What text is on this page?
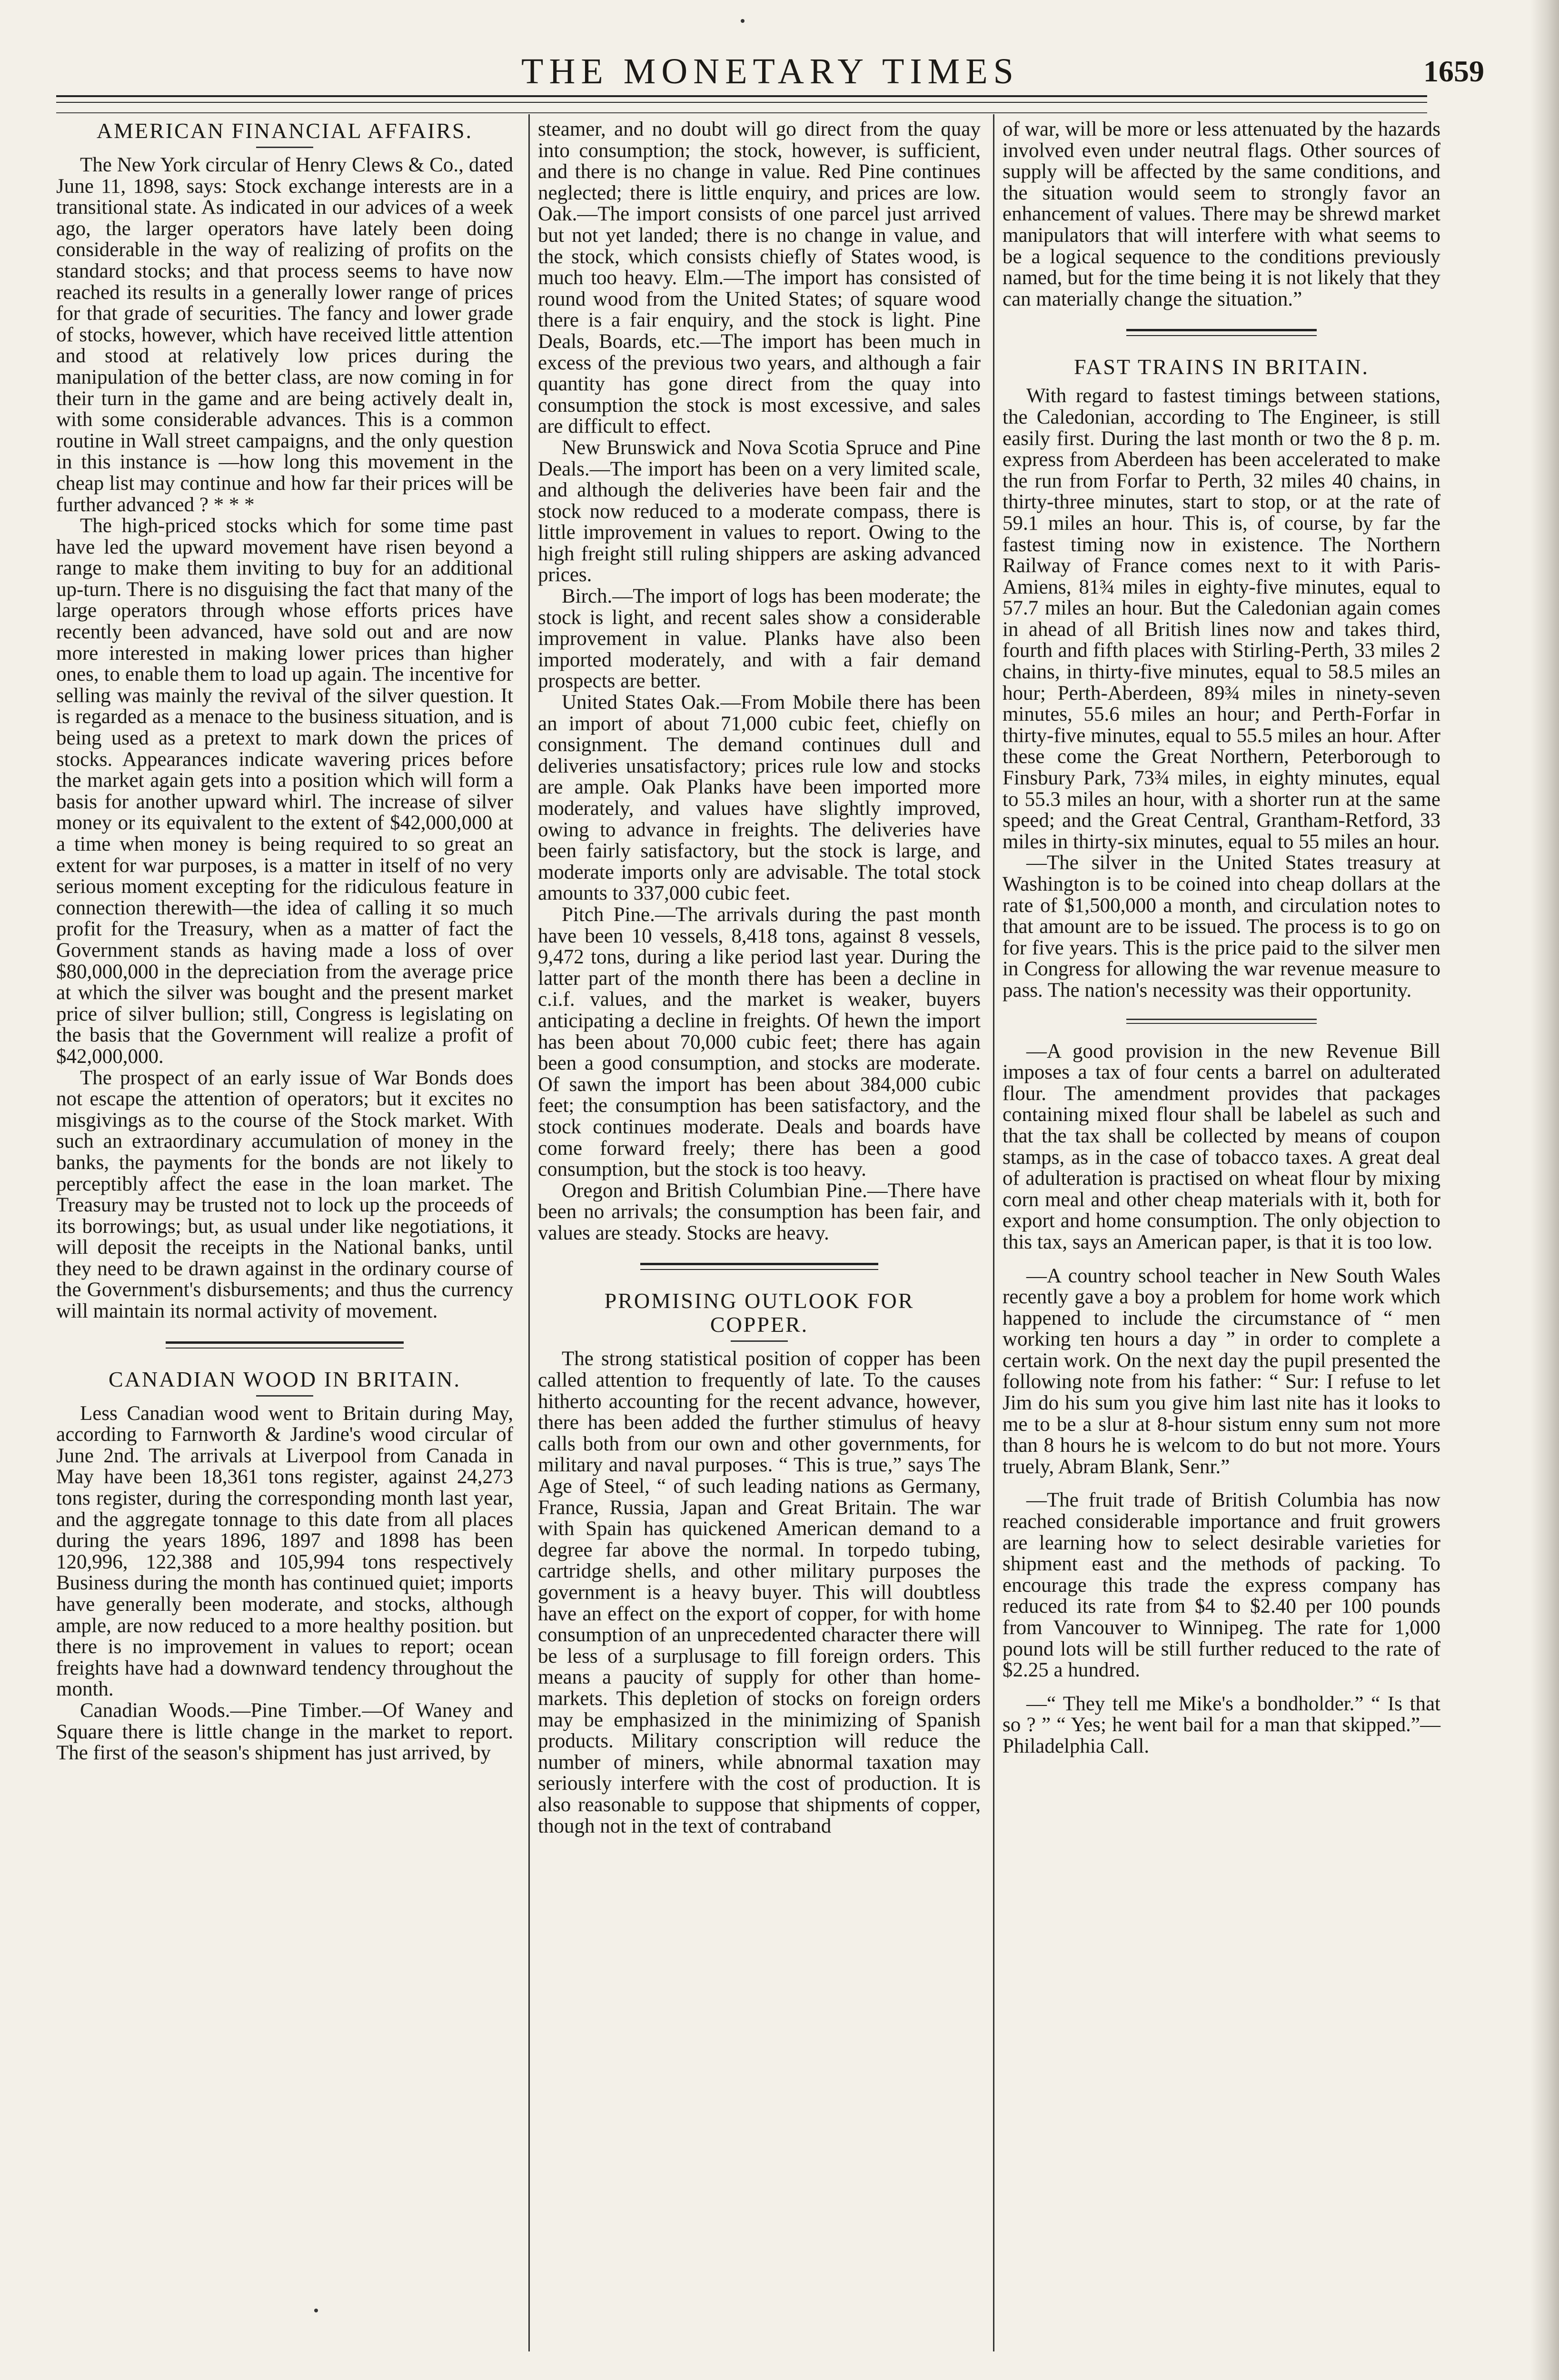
THE MONETARY TIMES	1659
AMERICAN FINANCIAL AFFAIRS.

The New York circular of Henry Clews & Co., dated June 11, 1898, says: Stock exchange interests are in a transitional state. As indicated in our advices of a week ago, the larger operators have lately been doing considerable in the way of realizing of profits on the standard stocks; and that process seems to have now reached its results in a generally lower range of prices for that grade of securities. The fancy and lower grade of stocks, however, which have received little attention and stood at relatively low prices during the manipulation of the better class, are now coming in for their turn in the game and are being actively dealt in, with some considerable advances. This is a common routine in Wall street campaigns, and the only question in this instance is —how long this movement in the cheap list may continue and how far their prices will be further advanced ? * * *

The high-priced stocks which for some time past have led the upward movement have risen beyond a range to make them inviting to buy for an additional up-turn. There is no disguising the fact that many of the large operators through whose efforts prices have recently been advanced, have sold out and are now more interested in making lower prices than higher ones, to enable them to load up again. The incentive for selling was mainly the revival of the silver question. It is regarded as a menace to the business situation, and is being used as a pretext to mark down the prices of stocks. Appearances indicate wavering prices before the market again gets into a position which will form a basis for another upward whirl. The increase of silver money or its equivalent to the extent of $42,000,000 at a time when money is being required to so great an extent for war purposes, is a matter in itself of no very serious moment excepting for the ridiculous feature in connection therewith—the idea of calling it so much profit for the Treasury, when as a matter of fact the Government stands as having made a loss of over $80,000,000 in the depreciation from the average price at which the silver was bought and the present market price of silver bullion; still, Congress is legislating on the basis that the Government will realize a profit of $42,000,000.

The prospect of an early issue of War Bonds does not escape the attention of operators; but it excites no misgivings as to the course of the Stock market. With such an extraordinary accumulation of money in the banks, the payments for the bonds are not likely to perceptibly affect the ease in the loan market. The Treasury may be trusted not to lock up the proceeds of its borrowings; but, as usual under like negotiations, it will deposit the receipts in the National banks, until they need to be drawn against in the ordinary course of the Government's disbursements; and thus the currency will maintain its normal activity of movement.

CANADIAN WOOD IN BRITAIN.

Less Canadian wood went to Britain during May, according to Farnworth & Jardine's wood circular of June 2nd. The arrivals at Liverpool from Canada in May have been 18,361 tons register, against 24,273 tons register, during the corresponding month last year, and the aggregate tonnage to this date from all places during the years 1896, 1897 and 1898 has been 120,996, 122,388 and 105,994 tons respectively Business during the month has continued quiet; imports have generally been moderate, and stocks, although ample, are now reduced to a more healthy position. but there is no improvement in values to report; ocean freights have had a downward tendency throughout the month.

Canadian Woods.—Pine Timber.—Of Waney and Square there is little change in the market to report. The first of the season's shipment has just arrived, by

steamer, and no doubt will go direct from the quay into consumption; the stock, however, is sufficient, and there is no change in value. Red Pine continues neglected; there is little enquiry, and prices are low. Oak.—The import consists of one parcel just arrived but not yet landed; there is no change in value, and the stock, which consists chiefly of States wood, is much too heavy. Elm.—The import has consisted of round wood from the United States; of square wood there is a fair enquiry, and the stock is light. Pine Deals, Boards, etc.—The import has been much in excess of the previous two years, and although a fair quantity has gone direct from the quay into consumption the stock is most excessive, and sales are difficult to effect.

New Brunswick and Nova Scotia Spruce and Pine Deals.—The import has been on a very limited scale, and although the deliveries have been fair and the stock now reduced to a moderate compass, there is little improvement in values to report. Owing to the high freight still ruling shippers are asking advanced prices.

Birch.—The import of logs has been moderate; the stock is light, and recent sales show a considerable improvement in value. Planks have also been imported moderately, and with a fair demand prospects are better.

United States Oak.—From Mobile there has been an import of about 71,000 cubic feet, chiefly on consignment. The demand continues dull and deliveries unsatisfactory; prices rule low and stocks are ample. Oak Planks have been imported more moderately, and values have slightly improved, owing to advance in freights. The deliveries have been fairly satisfactory, but the stock is large, and moderate imports only are advisable. The total stock amounts to 337,000 cubic feet.

Pitch Pine.—The arrivals during the past month have been 10 vessels, 8,418 tons, against 8 vessels, 9,472 tons, during a like period last year. During the latter part of the month there has been a decline in c.i.f. values, and the market is weaker, buyers anticipating a decline in freights. Of hewn the import has been about 70,000 cubic feet; there has again been a good consumption, and stocks are moderate. Of sawn the import has been about 384,000 cubic feet; the consumption has been satisfactory, and the stock continues moderate. Deals and boards have come forward freely; there has been a good consumption, but the stock is too heavy.

Oregon and British Columbian Pine.—There have been no arrivals; the consumption has been fair, and values are steady. Stocks are heavy.

PROMISING OUTLOOK FOR COPPER.

The strong statistical position of copper has been called attention to frequently of late. To the causes hitherto accounting for the recent advance, however, there has been added the further stimulus of heavy calls both from our own and other governments, for military and naval purposes. “ This is true,” says The Age of Steel, “ of such leading nations as Germany, France, Russia, Japan and Great Britain. The war with Spain has quickened American demand to a degree far above the normal. In torpedo tubing, cartridge shells, and other military purposes the government is a heavy buyer. This will doubtless have an effect on the export of copper, for with home consumption of an unprecedented character there will be less of a surplusage to fill foreign orders. This means a paucity of supply for other than home-markets. This depletion of stocks on foreign orders may be emphasized in the minimizing of Spanish products. Military conscription will reduce the number of miners, while abnormal taxation may seriously interfere with the cost of production. It is also reasonable to suppose that shipments of copper, though not in the text of contraband

of war, will be more or less attenuated by the hazards involved even under neutral flags. Other sources of supply will be affected by the same conditions, and the situation would seem to strongly favor an enhancement of values. There may be shrewd market manipulators that will interfere with what seems to be a logical sequence to the conditions previously named, but for the time being it is not likely that they can materially change the situation.”

FAST TRAINS IN BRITAIN.

With regard to fastest timings between stations, the Caledonian, according to The Engineer, is still easily first. During the last month or two the 8 p. m. express from Aberdeen has been accelerated to make the run from Forfar to Perth, 32 miles 40 chains, in thirty-three minutes, start to stop, or at the rate of 59.1 miles an hour. This is, of course, by far the fastest timing now in existence. The Northern Railway of France comes next to it with Paris-Amiens, 81¾ miles in eighty-five minutes, equal to 57.7 miles an hour. But the Caledonian again comes in ahead of all British lines now and takes third, fourth and fifth places with Stirling-Perth, 33 miles 2 chains, in thirty-five minutes, equal to 58.5 miles an hour; Perth-Aberdeen, 89¾ miles in ninety-seven minutes, 55.6 miles an hour; and Perth-Forfar in thirty-five minutes, equal to 55.5 miles an hour. After these come the Great Northern, Peterborough to Finsbury Park, 73¾ miles, in eighty minutes, equal to 55.3 miles an hour, with a shorter run at the same speed; and the Great Central, Grantham-Retford, 33 miles in thirty-six minutes, equal to 55 miles an hour.

—The silver in the United States treasury at Washington is to be coined into cheap dollars at the rate of $1,500,000 a month, and circulation notes to that amount are to be issued. The process is to go on for five years. This is the price paid to the silver men in Congress for allowing the war revenue measure to pass. The nation's necessity was their opportunity.

—A good provision in the new Revenue Bill imposes a tax of four cents a barrel on adulterated flour. The amendment provides that packages containing mixed flour shall be labelel as such and that the tax shall be collected by means of coupon stamps, as in the case of tobacco taxes. A great deal of adulteration is practised on wheat flour by mixing corn meal and other cheap materials with it, both for export and home consumption. The only objection to this tax, says an American paper, is that it is too low.

—A country school teacher in New South Wales recently gave a boy a problem for home work which happened to include the circumstance of “ men working ten hours a day ” in order to complete a certain work. On the next day the pupil presented the following note from his father: “ Sur: I refuse to let Jim do his sum you give him last nite has it looks to me to be a slur at 8-hour sistum enny sum not more than 8 hours he is welcom to do but not more. Yours truely, Abram Blank, Senr.”

—The fruit trade of British Columbia has now reached considerable importance and fruit growers are learning how to select desirable varieties for shipment east and the methods of packing. To encourage this trade the express company has reduced its rate from $4 to $2.40 per 100 pounds from Vancouver to Winnipeg. The rate for 1,000 pound lots will be still further reduced to the rate of $2.25 a hundred.

—“ They tell me Mike's a bondholder.” “ Is that so ? ” “ Yes; he went bail for a man that skipped.”—Philadelphia Call.
